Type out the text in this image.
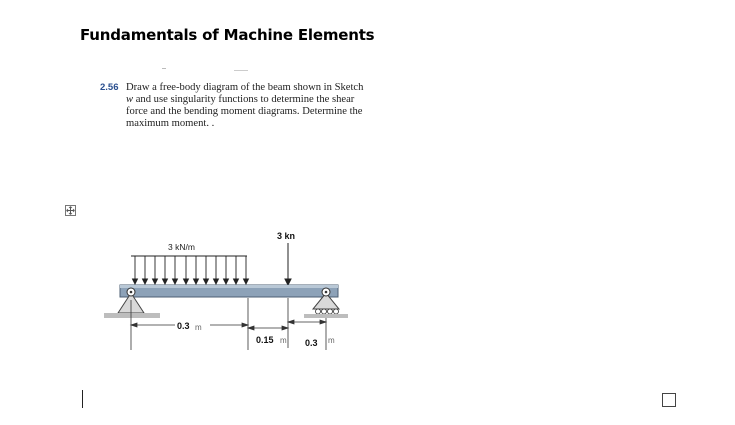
Fundamentals of Machine Elements
2.56 Draw a free-body diagram of the beam shown in Sketch
w and use singularity functions to determine the shear
force and the bending moment diagrams. Determine the
maximum moment. .
3 kN/m
3 kn
0.3 m
0.15 m 0.3 m
